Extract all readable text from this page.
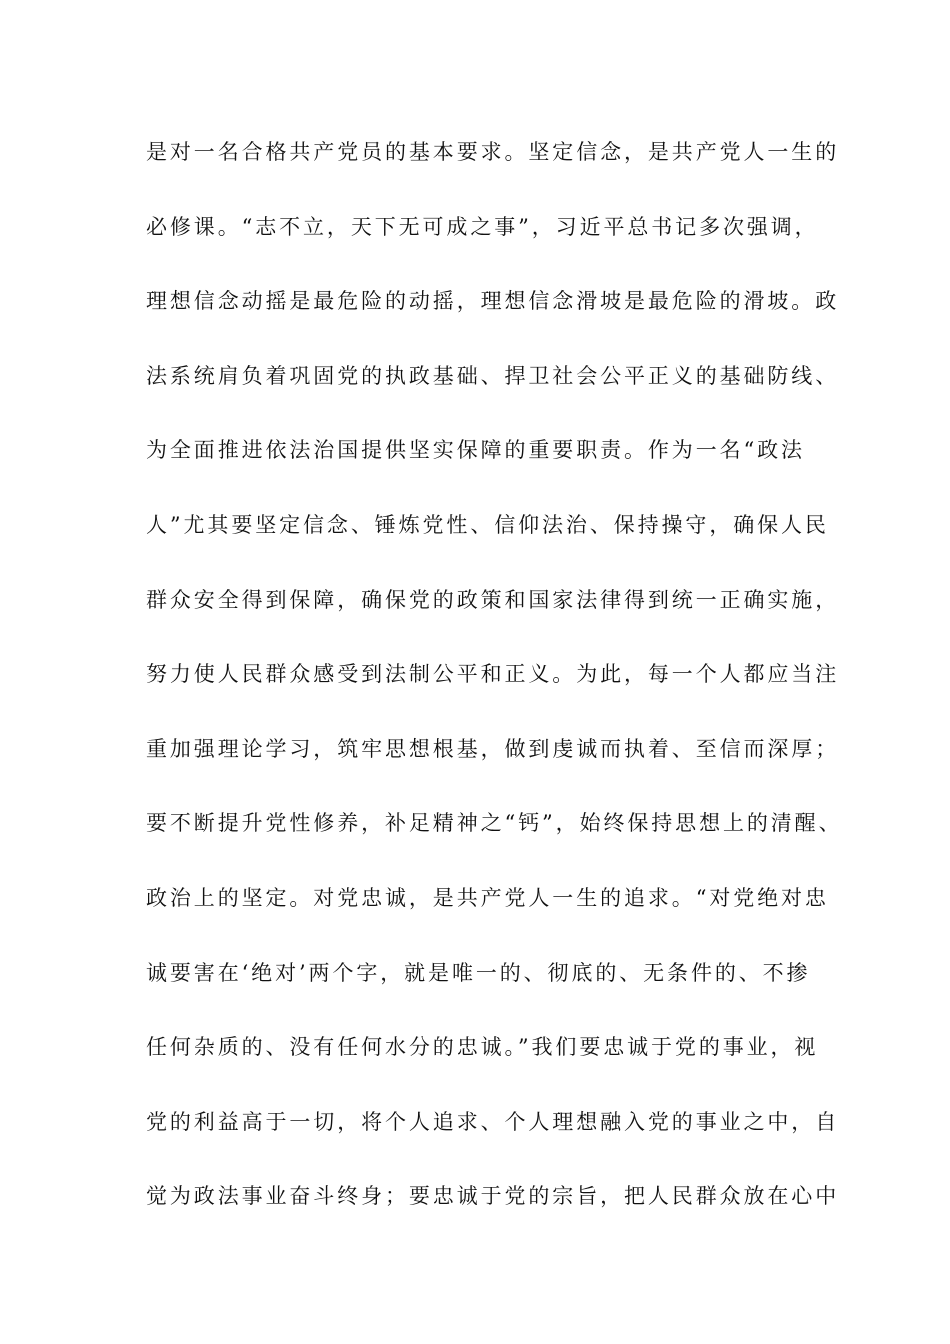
是对一名合格共产党员的基本要求。坚定信念，是共产党人一生的
必修课。“志不立，天下无可成之事”，习近平总书记多次强调，
理想信念动摇是最危险的动摇，理想信念滑坡是最危险的滑坡。政
法系统肩负着巩固党的执政基础、捍卫社会公平正义的基础防线、
为全面推进依法治国提供坚实保障的重要职责。作为一名“政法
人”尤其要坚定信念、锤炼党性、信仰法治、保持操守，确保人民
群众安全得到保障，确保党的政策和国家法律得到统一正确实施，
努力使人民群众感受到法制公平和正义。为此，每一个人都应当注
重加强理论学习，筑牢思想根基，做到虔诚而执着、至信而深厚；
要不断提升党性修养，补足精神之“钙”，始终保持思想上的清醒、
政治上的坚定。对党忠诚，是共产党人一生的追求。“对党绝对忠
诚要害在‘绝对’两个字，就是唯一的、彻底的、无条件的、不掺
任何杂质的、没有任何水分的忠诚。”我们要忠诚于党的事业，视
党的利益高于一切，将个人追求、个人理想融入党的事业之中，自
觉为政法事业奋斗终身；要忠诚于党的宗旨，把人民群众放在心中
